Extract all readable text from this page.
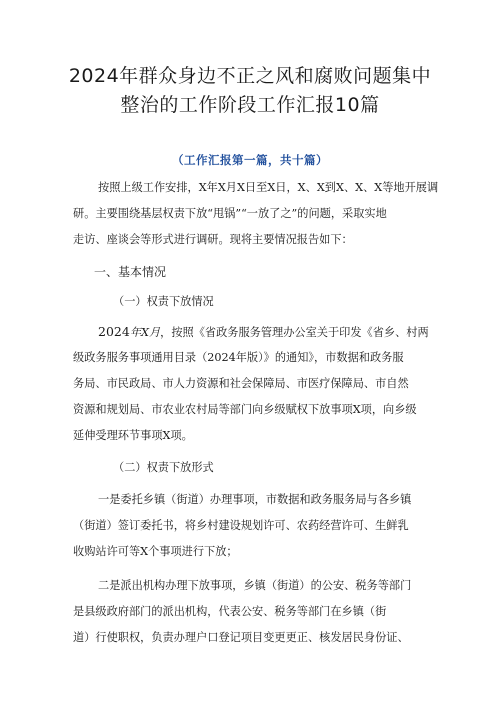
2024年群众身边不正之风和腐败问题集中
整治的工作阶段工作汇报10篇
（工作汇报第一篇，共十篇）
按照上级工作安排，X年X月X日至X日，X、X到X、X、X等地开展调
研。主要围绕基层权责下放“甩锅”“一放了之”的问题，采取实地
走访、座谈会等形式进行调研。现将主要情况报告如下：
一、基本情况
（一）权责下放情况
2024年X月，按照《省政务服务管理办公室关于印发《省乡、村两
级政务服务事项通用目录（2024年版）》的通知》，市数据和政务服
务局、市民政局、市人力资源和社会保障局、市医疗保障局、市自然
资源和规划局、市农业农村局等部门向乡级赋权下放事项X项，向乡级
延伸受理环节事项X项。
（二）权责下放形式
一是委托乡镇（街道）办理事项，市数据和政务服务局与各乡镇
（街道）签订委托书，将乡村建设规划许可、农药经营许可、生鲜乳
收购站许可等X个事项进行下放；
二是派出机构办理下放事项，乡镇（街道）的公安、税务等部门
是县级政府部门的派出机构，代表公安、税务等部门在乡镇（街
道）行使职权，负责办理户口登记项目变更更正、核发居民身份证、
